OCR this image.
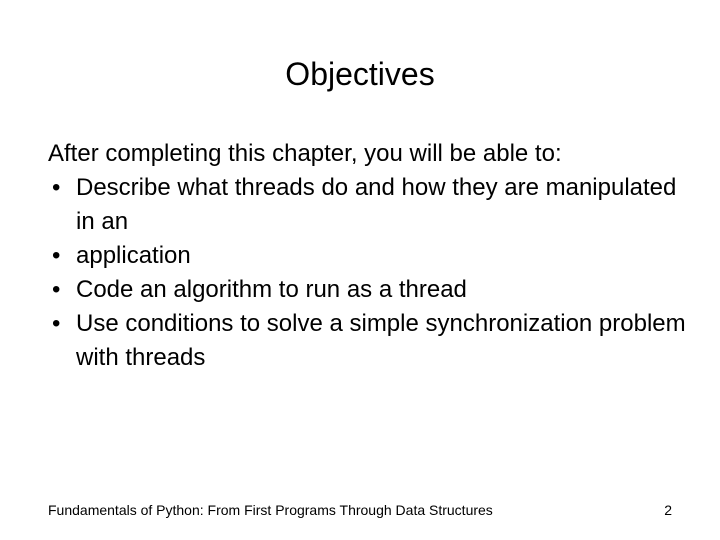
Objectives

After completing this chapter, you will be able to:

• Describe what threads do and how they are manipulated in an
• application
• Code an algorithm to run as a thread
• Use conditions to solve a simple synchronization problem with threads
Fundamentals of Python: From First Programs Through Data Structures	2
